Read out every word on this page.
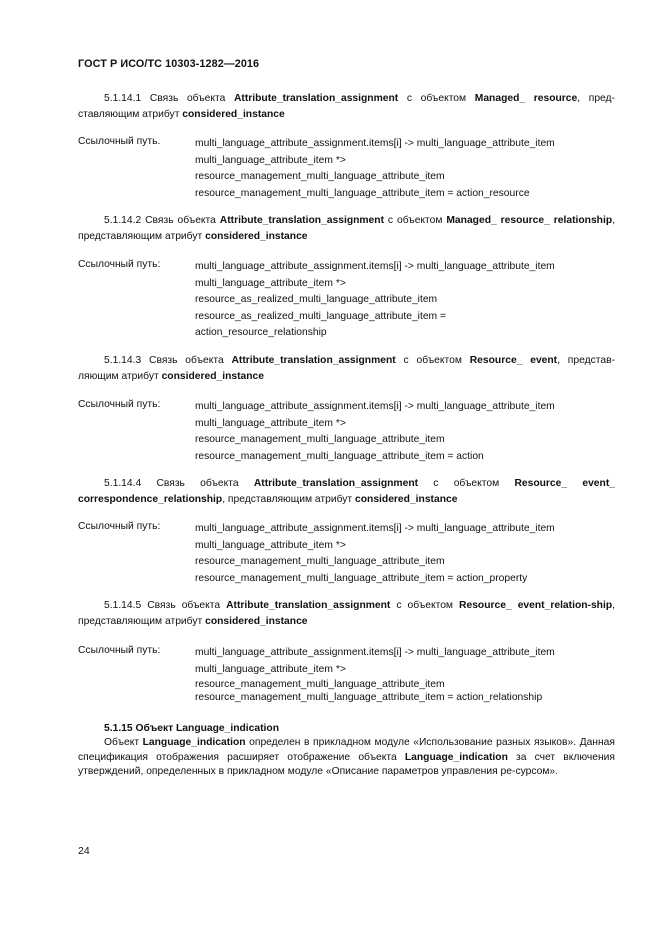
ГОСТ Р ИСО/ТС 10303-1282—2016

5.1.14.1 Связь объекта Attribute_translation_assignment с объектом Managed_ resource, пред-ставляющим атрибут considered_instance

Ссылочный путь.	multi_language_attribute_assignment.items[i] -> multi_language_attribute_item
multi_language_attribute_item *>
resource_management_multi_language_attribute_item
resource_management_multi_language_attribute_item = action_resource

5.1.14.2 Связь объекта Attribute_translation_assignment с объектом Managed_ resource_ relationship, представляющим атрибут considered_instance

Ссылочный путь:	multi_language_attribute_assignment.items[i] -> multi_language_attribute_item
multi_language_attribute_item *>
resource_as_realized_multi_language_attribute_item
resource_as_realized_multi_language_attribute_item =
action_resource_relationship

5.1.14.3 Связь объекта Attribute_translation_assignment с объектом Resource_ event, представ-ляющим атрибут considered_instance

Ссылочный путь:	multi_language_attribute_assignment.items[i] -> multi_language_attribute_item
multi_language_attribute_item *>
resource_management_multi_language_attribute_item
resource_management_multi_language_attribute_item = action

5.1.14.4 Связь объекта Attribute_translation_assignment с объектом Resource_ event_ correspondence_relationship, представляющим атрибут considered_instance

Ссылочный путь:	multi_language_attribute_assignment.items[i] -> multi_language_attribute_item
multi_language_attribute_item *>
resource_management_multi_language_attribute_item
resource_management_multi_language_attribute_item = action_property

5.1.14.5 Связь объекта Attribute_translation_assignment с объектом Resource_ event_relation-ship, представляющим атрибут considered_instance

Ссылочный путь:	multi_language_attribute_assignment.items[i] -> multi_language_attribute_item
multi_language_attribute_item *>
resource_management_multi_language_attribute_item
resource_management_multi_language_attribute_item = action_relationship

5.1.15 Объект Language_indication

Объект Language_indication определен в прикладном модуле «Использование разных языков». Данная спецификация отображения расширяет отображение объекта Language_indication за счет включения утверждений, определенных в прикладном модуле «Описание параметров управления ре-сурсом».

24
